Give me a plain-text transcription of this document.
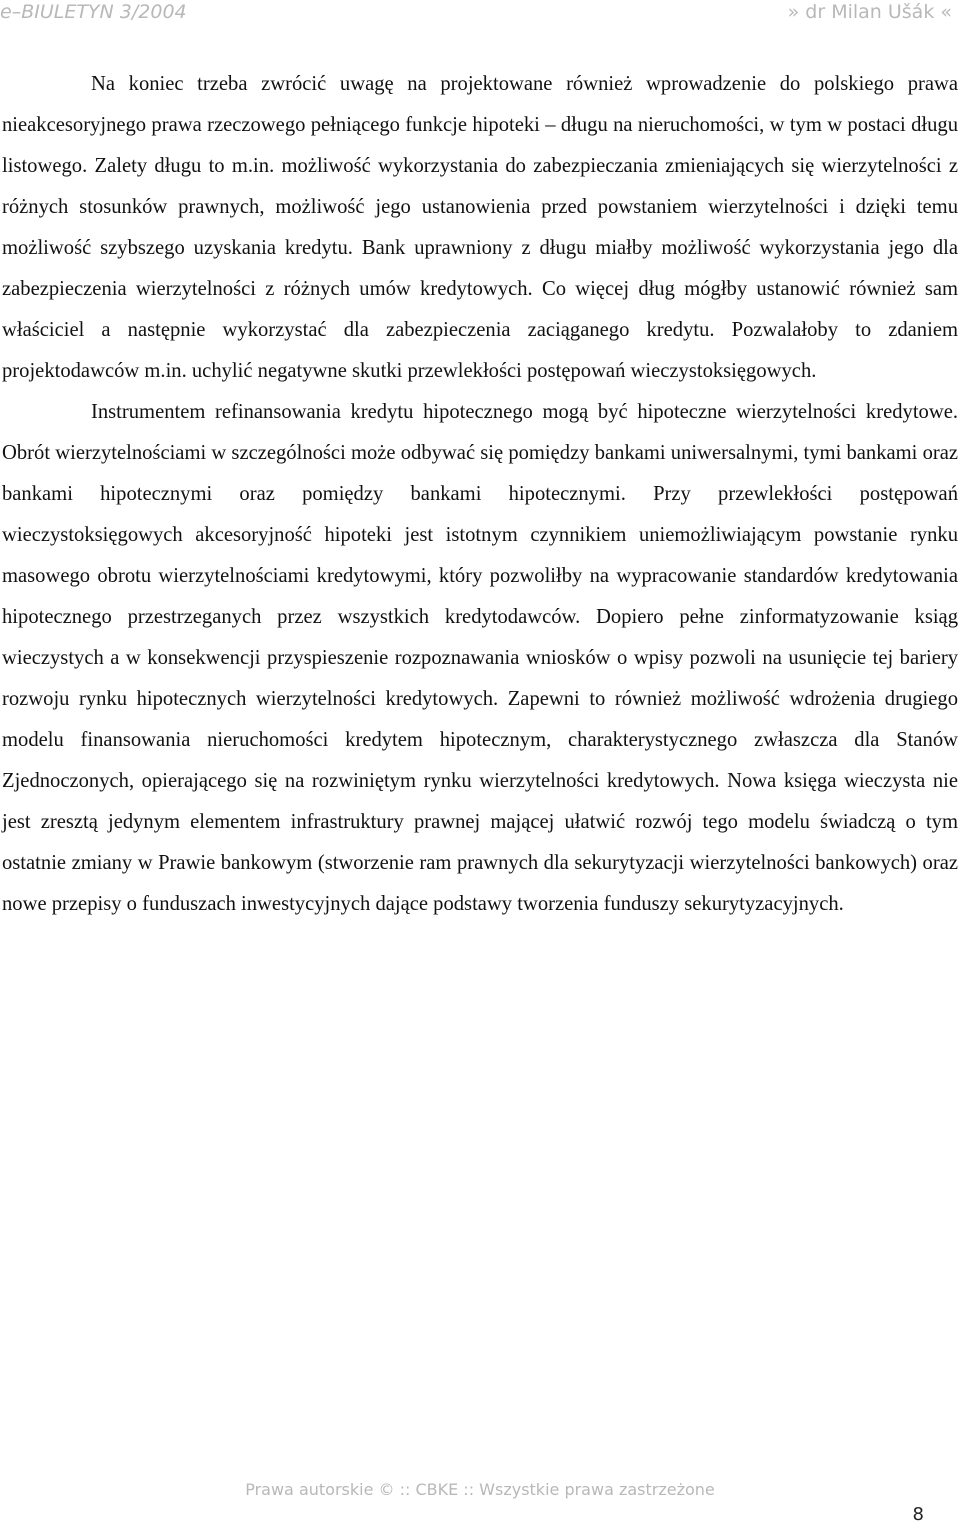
e–BIULETYN 3/2004	» dr Milan Ušák «

Na koniec trzeba zwrócić uwagę na projektowane również wprowadzenie do polskiego prawa nieakcesoryjnego prawa rzeczowego pełniącego funkcje hipoteki – długu na nieruchomości, w tym w postaci długu listowego. Zalety długu to m.in. możliwość wykorzystania do zabezpieczania zmieniających się wierzytelności z różnych stosunków prawnych, możliwość jego ustanowienia przed powstaniem wierzytelności i dzięki temu możliwość szybszego uzyskania kredytu. Bank uprawniony z długu miałby możliwość wykorzystania jego dla zabezpieczenia wierzytelności z różnych umów kredytowych. Co więcej dług mógłby ustanowić również sam właściciel a następnie wykorzystać dla zabezpieczenia zaciąganego kredytu. Pozwalałoby to zdaniem projektodawców m.in. uchylić negatywne skutki przewlekłości postępowań wieczystoksięgowych.

Instrumentem refinansowania kredytu hipotecznego mogą być hipoteczne wierzytelności kredytowe. Obrót wierzytelnościami w szczególności może odbywać się pomiędzy bankami uniwersalnymi, tymi bankami oraz bankami hipotecznymi oraz pomiędzy bankami hipotecznymi. Przy przewlekłości postępowań wieczystoksięgowych akcesoryjność hipoteki jest istotnym czynnikiem uniemożliwiającym powstanie rynku masowego obrotu wierzytelnościami kredytowymi, który pozwoliłby na wypracowanie standardów kredytowania hipotecznego przestrzeganych przez wszystkich kredytodawców. Dopiero pełne zinformatyzowanie ksiąg wieczystych a w konsekwencji przyspieszenie rozpoznawania wniosków o wpisy pozwoli na usunięcie tej bariery rozwoju rynku hipotecznych wierzytelności kredytowych. Zapewni to również możliwość wdrożenia drugiego modelu finansowania nieruchomości kredytem hipotecznym, charakterystycznego zwłaszcza dla Stanów Zjednoczonych, opierającego się na rozwiniętym rynku wierzytelności kredytowych. Nowa księga wieczysta nie jest zresztą jedynym elementem infrastruktury prawnej mającej ułatwić rozwój tego modelu świadczą o tym ostatnie zmiany w Prawie bankowym (stworzenie ram prawnych dla sekurytyzacji wierzytelności bankowych) oraz nowe przepisy o funduszach inwestycyjnych dające podstawy tworzenia funduszy sekurytyzacyjnych.

Prawa autorskie © :: CBKE :: Wszystkie prawa zastrzeżone
8
